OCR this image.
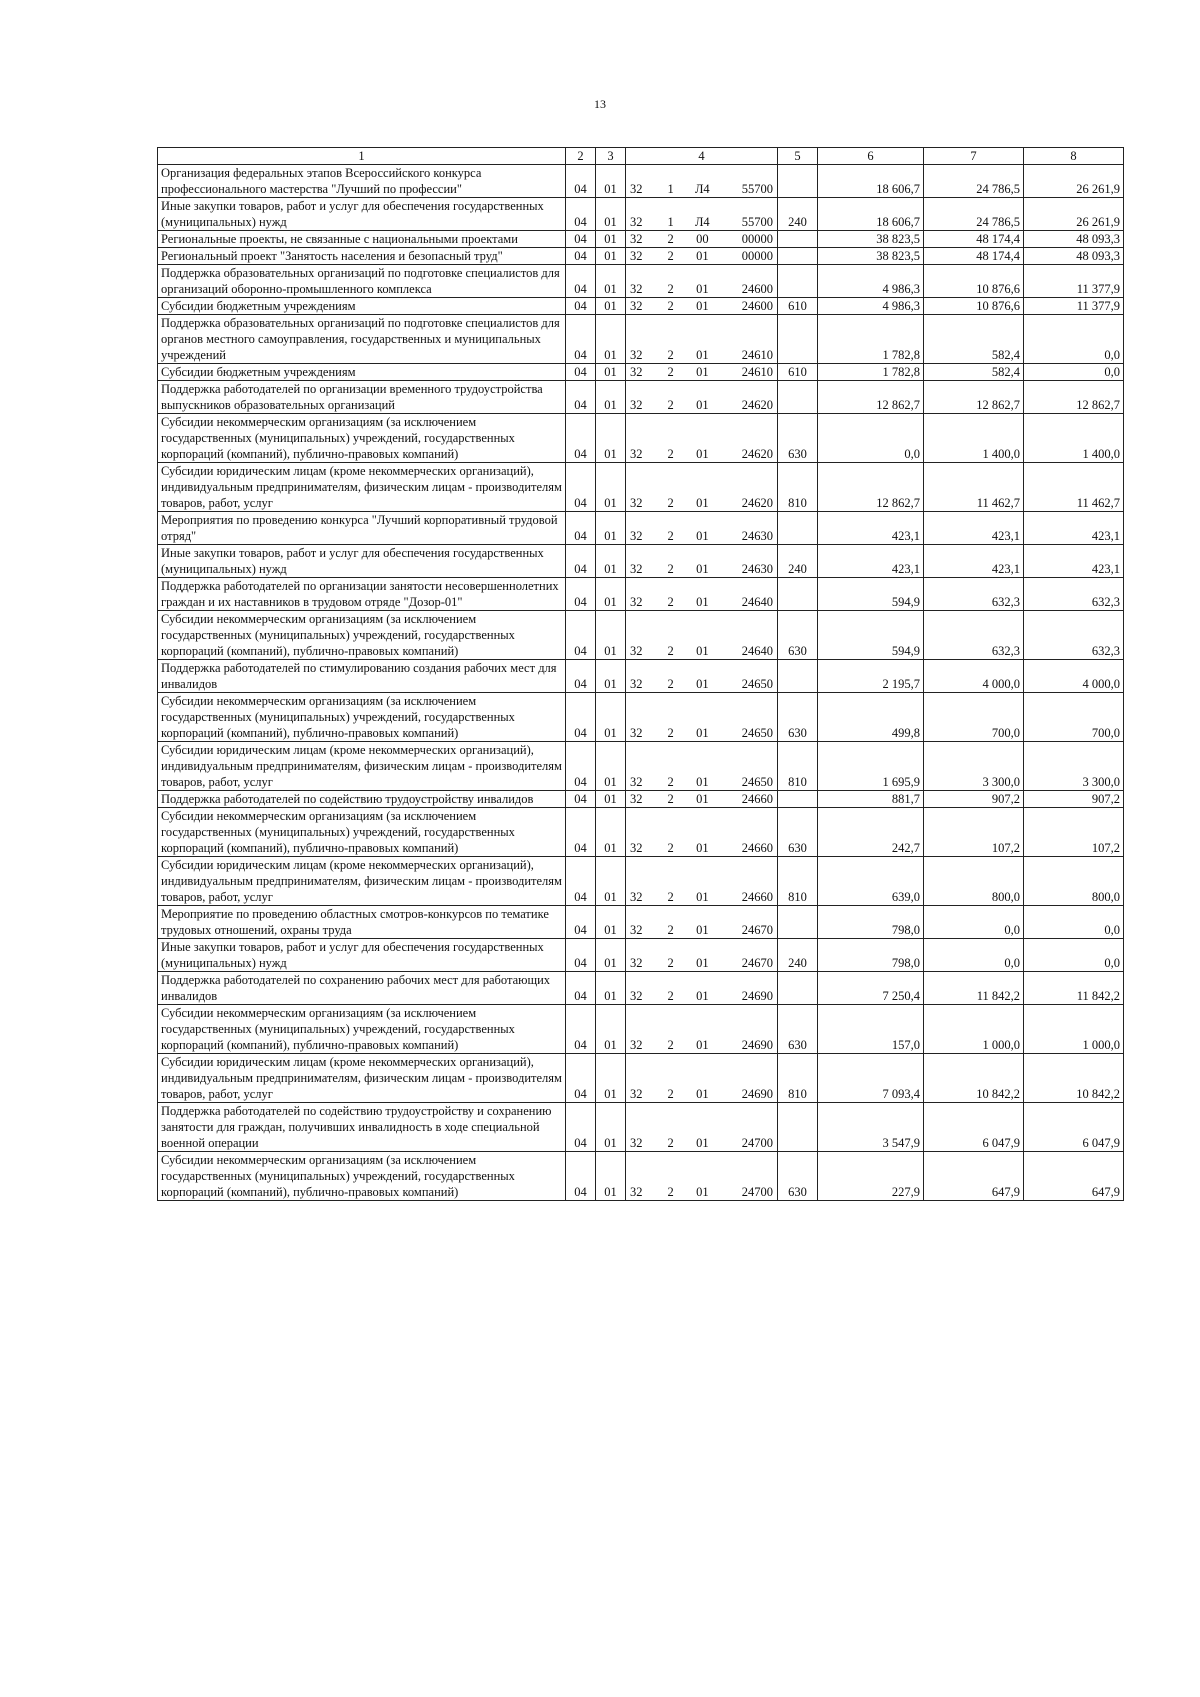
13
1	2	3	4	5	6	7	8
Организация федеральных этапов Всероссийского конкурса профессионального мастерства "Лучший по профессии"	04	01	32 1 Л4 55700		18 606,7	24 786,5	26 261,9
Иные закупки товаров, работ и услуг для обеспечения государственных (муниципальных) нужд	04	01	32 1 Л4 55700	240	18 606,7	24 786,5	26 261,9
Региональные проекты, не связанные с национальными проектами	04	01	32 2 00 00000		38 823,5	48 174,4	48 093,3
Региональный проект "Занятость населения и безопасный труд"	04	01	32 2 01 00000		38 823,5	48 174,4	48 093,3
Поддержка образовательных организаций по подготовке специалистов для организаций оборонно-промышленного комплекса	04	01	32 2 01 24600		4 986,3	10 876,6	11 377,9
Субсидии бюджетным учреждениям	04	01	32 2 01 24600	610	4 986,3	10 876,6	11 377,9
Поддержка образовательных организаций по подготовке специалистов для органов местного самоуправления, государственных и муниципальных учреждений	04	01	32 2 01 24610		1 782,8	582,4	0,0
Субсидии бюджетным учреждениям	04	01	32 2 01 24610	610	1 782,8	582,4	0,0
Поддержка работодателей по организации временного трудоустройства выпускников образовательных организаций	04	01	32 2 01 24620		12 862,7	12 862,7	12 862,7
Субсидии некоммерческим организациям (за исключением государственных (муниципальных) учреждений, государственных корпораций (компаний), публично-правовых компаний)	04	01	32 2 01 24620	630	0,0	1 400,0	1 400,0
Субсидии юридическим лицам (кроме некоммерческих организаций), индивидуальным предпринимателям, физическим лицам - производителям товаров, работ, услуг	04	01	32 2 01 24620	810	12 862,7	11 462,7	11 462,7
Мероприятия по проведению конкурса "Лучший корпоративный трудовой отряд"	04	01	32 2 01 24630		423,1	423,1	423,1
Иные закупки товаров, работ и услуг для обеспечения государственных (муниципальных) нужд	04	01	32 2 01 24630	240	423,1	423,1	423,1
Поддержка работодателей по организации занятости несовершеннолетних граждан и их наставников в трудовом отряде "Дозор-01"	04	01	32 2 01 24640		594,9	632,3	632,3
Субсидии некоммерческим организациям (за исключением государственных (муниципальных) учреждений, государственных корпораций (компаний), публично-правовых компаний)	04	01	32 2 01 24640	630	594,9	632,3	632,3
Поддержка работодателей по стимулированию создания рабочих мест для инвалидов	04	01	32 2 01 24650		2 195,7	4 000,0	4 000,0
Субсидии некоммерческим организациям (за исключением государственных (муниципальных) учреждений, государственных корпораций (компаний), публично-правовых компаний)	04	01	32 2 01 24650	630	499,8	700,0	700,0
Субсидии юридическим лицам (кроме некоммерческих организаций), индивидуальным предпринимателям, физическим лицам - производителям товаров, работ, услуг	04	01	32 2 01 24650	810	1 695,9	3 300,0	3 300,0
Поддержка работодателей по содействию трудоустройству инвалидов	04	01	32 2 01 24660		881,7	907,2	907,2
Субсидии некоммерческим организациям (за исключением государственных (муниципальных) учреждений, государственных корпораций (компаний), публично-правовых компаний)	04	01	32 2 01 24660	630	242,7	107,2	107,2
Субсидии юридическим лицам (кроме некоммерческих организаций), индивидуальным предпринимателям, физическим лицам - производителям товаров, работ, услуг	04	01	32 2 01 24660	810	639,0	800,0	800,0
Мероприятие по проведению областных смотров-конкурсов по тематике трудовых отношений, охраны труда	04	01	32 2 01 24670		798,0	0,0	0,0
Иные закупки товаров, работ и услуг для обеспечения государственных (муниципальных) нужд	04	01	32 2 01 24670	240	798,0	0,0	0,0
Поддержка работодателей по сохранению рабочих мест для работающих инвалидов	04	01	32 2 01 24690		7 250,4	11 842,2	11 842,2
Субсидии некоммерческим организациям (за исключением государственных (муниципальных) учреждений, государственных корпораций (компаний), публично-правовых компаний)	04	01	32 2 01 24690	630	157,0	1 000,0	1 000,0
Субсидии юридическим лицам (кроме некоммерческих организаций), индивидуальным предпринимателям, физическим лицам - производителям товаров, работ, услуг	04	01	32 2 01 24690	810	7 093,4	10 842,2	10 842,2
Поддержка работодателей по содействию трудоустройству и сохранению занятости для граждан, получивших инвалидность в ходе специальной военной операции	04	01	32 2 01 24700		3 547,9	6 047,9	6 047,9
Субсидии некоммерческим организациям (за исключением государственных (муниципальных) учреждений, государственных корпораций (компаний), публично-правовых компаний)	04	01	32 2 01 24700	630	227,9	647,9	647,9
